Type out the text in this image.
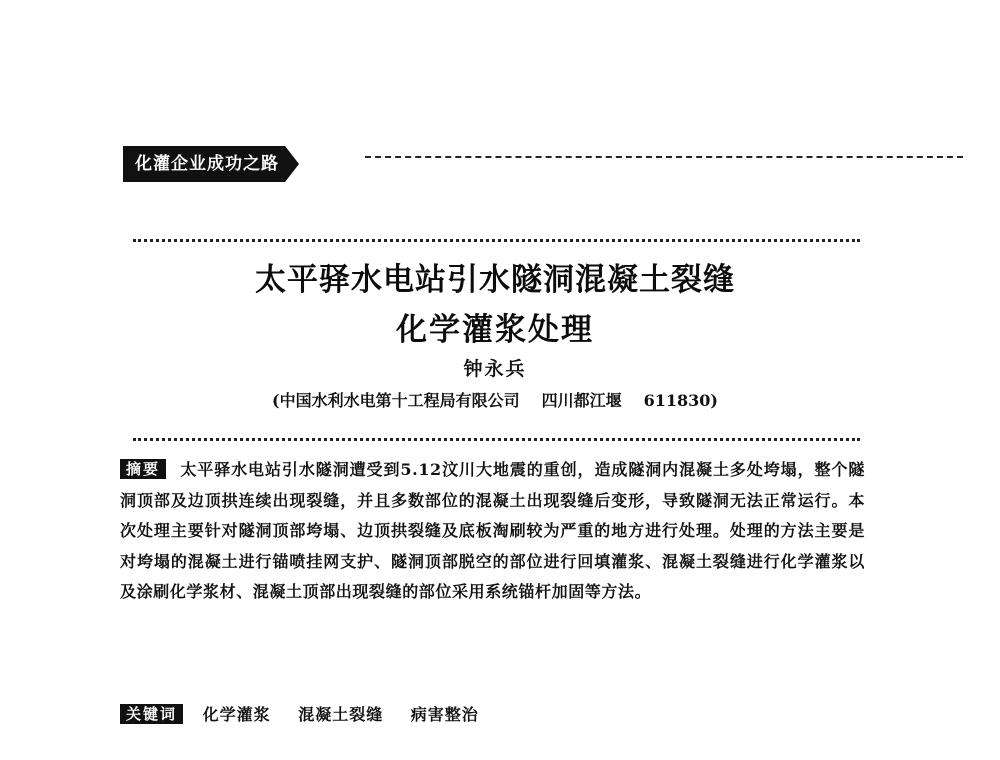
化灌企业成功之路
太平驿水电站引水隧洞混凝土裂缝
化学灌浆处理
钟永兵
(中国水利水电第十工程局有限公司 四川都江堰 611830)
摘要 太平驿水电站引水隧洞遭受到5.12汶川大地震的重创，造成隧洞内混凝土多处垮塌，整个隧洞顶部及边顶拱连续出现裂缝，并且多数部位的混凝土出现裂缝后变形，导致隧洞无法正常运行。本次处理主要针对隧洞顶部垮塌、边顶拱裂缝及底板淘刷较为严重的地方进行处理。处理的方法主要是对垮塌的混凝土进行锚喷挂网支护、隧洞顶部脱空的部位进行回填灌浆、混凝土裂缝进行化学灌浆以及涂刷化学浆材、混凝土顶部出现裂缝的部位采用系统锚杆加固等方法。
关键词 化学灌浆 混凝土裂缝 病害整治
